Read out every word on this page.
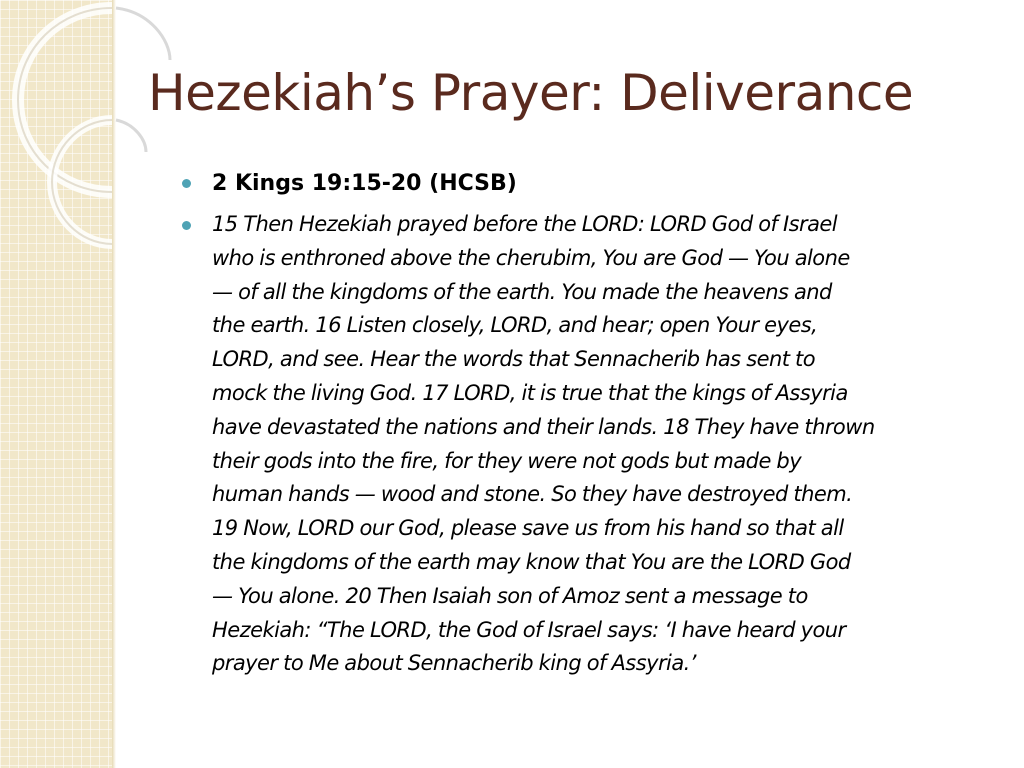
Hezekiah’s Prayer: Deliverance
2 Kings 19:15-20 (HCSB)
15 Then Hezekiah prayed before the LORD: LORD God of Israel
who is enthroned above the cherubim, You are God — You alone
— of all the kingdoms of the earth. You made the heavens and
the earth. 16 Listen closely, LORD, and hear; open Your eyes,
LORD, and see. Hear the words that Sennacherib has sent to
mock the living God. 17 LORD, it is true that the kings of Assyria
have devastated the nations and their lands. 18 They have thrown
their gods into the fire, for they were not gods but made by
human hands — wood and stone. So they have destroyed them.
19 Now, LORD our God, please save us from his hand so that all
the kingdoms of the earth may know that You are the LORD God
— You alone. 20 Then Isaiah son of Amoz sent a message to
Hezekiah: “The LORD, the God of Israel says: ‘I have heard your
prayer to Me about Sennacherib king of Assyria.’
